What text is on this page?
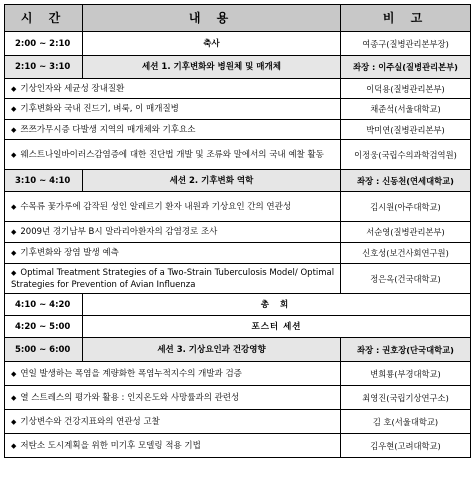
시 간	내 용	비 고
2:00 ~ 2:10	축사	여종구(질병관리본부장)
2:10 ~ 3:10	세션 1. 기후변화와 병원체 및 매개체	좌장 : 이주실(질병관리본부)
◆ 기상인자와 세균성 장내질환		이덕용(질병관리본부)
◆ 기후변화와 국내 진드기, 벼룩, 이 매개질병		채준석(서울대학교)
◆ 쯔쯔가무시증 다발생 지역의 매개체와 기후요소		박미연(질병관리본부)
◆ 웨스트나일바이러스감염증에 대한 진단법 개발 및 조류와 말에서의 국내 예찰 활동		이정웅(국립수의과학검역원)
3:10 ~ 4:10	세션 2. 기후변화 역학	좌장 : 신동천(연세대학교)
◆ 수목류 꽃가루에 감작된 성인 알레르기 환자 내원과 기상요인 간의 연관성		김시원(아주대학교)
◆ 2009년 경기남부 B시 말라리아환자의 감염경로 조사		서순영(질병관리본부)
◆ 기후변화와 장염 발생 예측		신호성(보건사회연구원)
◆ Optimal Treatment Strategies of a Two-Strain Tuberculosis Model/ Optimal Strategies for Prevention of Avian Influenza		정은옥(건국대학교)
4:10 ~ 4:20	총 회	
4:20 ~ 5:00	포스터 세션	
5:00 ~ 6:00	세션 3. 기상요인과 건강영향	좌장 : 권호장(단국대학교)
◆ 연일 발생하는 폭염을 계량화한 폭염누적지수의 개발과 검증		변희룡(부경대학교)
◆ 열 스트레스의 평가와 활용 : 인지온도와 사망률과의 관련성		최영진(국립기상연구소)
◆ 기상변수와 건강지표와의 연관성 고찰		김 호(서울대학교)
◆ 저탄소 도시계획을 위한 미기후 모델링 적용 기법		김우현(고려대학교)
